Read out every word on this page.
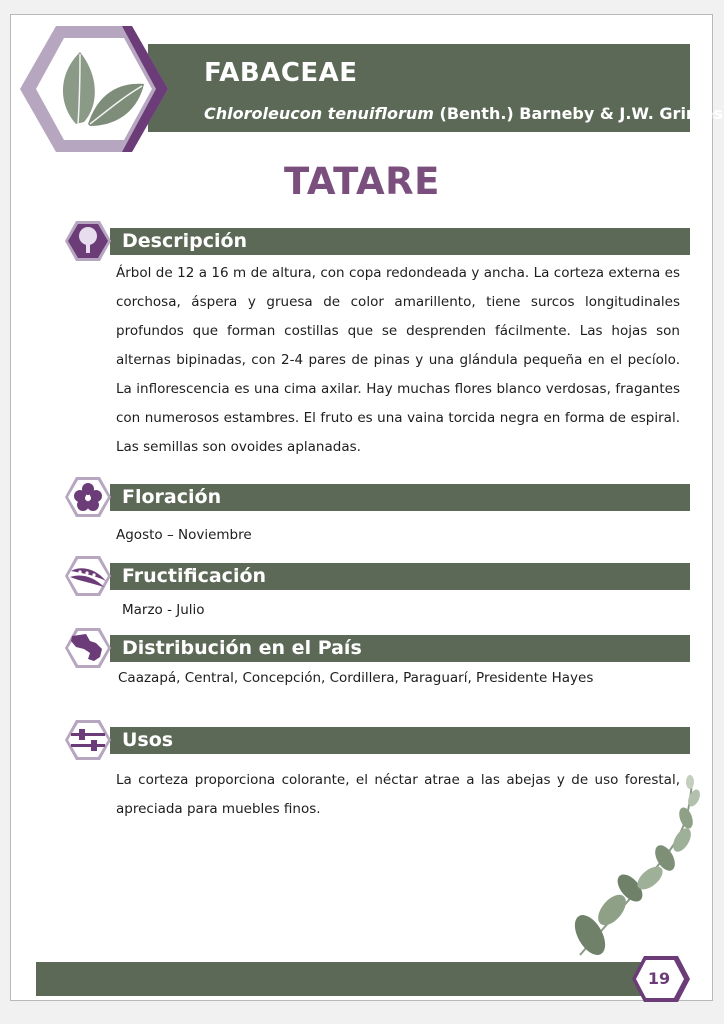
FABACEAE
Chloroleucon tenuiflorum (Benth.) Barneby & J.W. Grimes
TATARE
Descripción
Árbol de 12 a 16 m de altura, con copa redondeada y ancha. La corteza externa es corchosa, áspera y gruesa de color amarillento, tiene surcos longitudinales profundos que forman costillas que se desprenden fácilmente. Las hojas son alternas bipinadas, con 2-4 pares de pinas y una glándula pequeña en el pecíolo. La inflorescencia es una cima axilar. Hay muchas flores blanco verdosas, fragantes con numerosos estambres. El fruto es una vaina torcida negra en forma de espiral. Las semillas son ovoides aplanadas.
Floración
Agosto – Noviembre
Fructificación
Marzo - Julio
Distribución en el País
Caazapá, Central, Concepción, Cordillera, Paraguarí, Presidente Hayes
Usos
La corteza proporciona colorante, el néctar atrae a las abejas y de uso forestal, apreciada para muebles finos.
19
